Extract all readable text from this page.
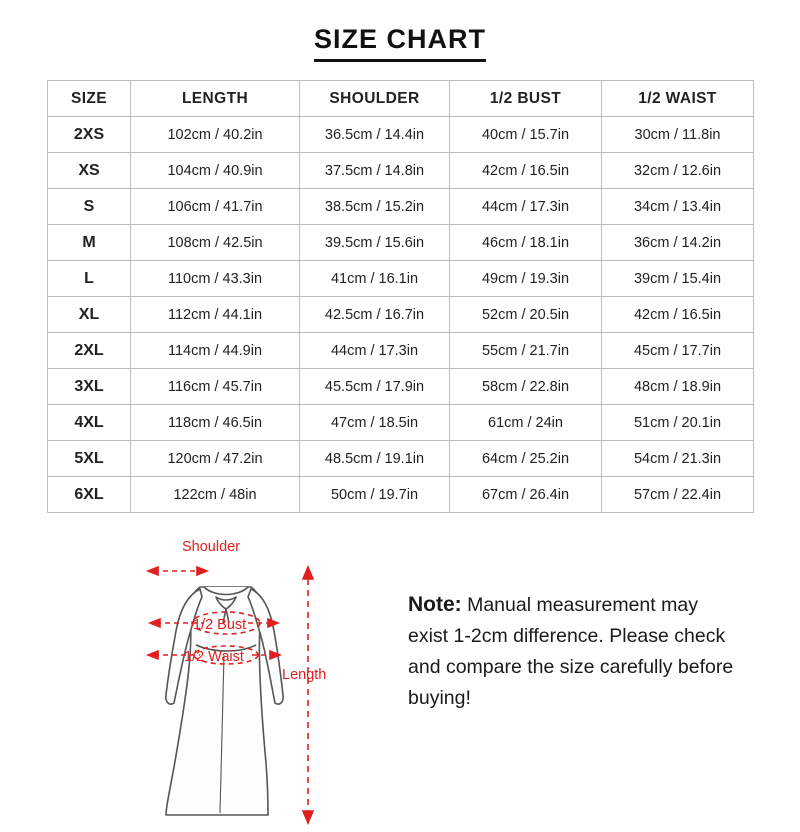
SIZE CHART
SIZE	LENGTH	SHOULDER	1/2 BUST	1/2 WAIST
2XS	102cm / 40.2in	36.5cm / 14.4in	40cm / 15.7in	30cm / 11.8in
XS	104cm / 40.9in	37.5cm / 14.8in	42cm / 16.5in	32cm / 12.6in
S	106cm / 41.7in	38.5cm / 15.2in	44cm / 17.3in	34cm / 13.4in
M	108cm / 42.5in	39.5cm / 15.6in	46cm / 18.1in	36cm / 14.2in
L	110cm / 43.3in	41cm / 16.1in	49cm / 19.3in	39cm / 15.4in
XL	112cm / 44.1in	42.5cm / 16.7in	52cm / 20.5in	42cm / 16.5in
2XL	114cm / 44.9in	44cm / 17.3in	55cm / 21.7in	45cm / 17.7in
3XL	116cm / 45.7in	45.5cm / 17.9in	58cm / 22.8in	48cm / 18.9in
4XL	118cm / 46.5in	47cm / 18.5in	61cm / 24in	51cm / 20.1in
5XL	120cm / 47.2in	48.5cm / 19.1in	64cm / 25.2in	54cm / 21.3in
6XL	122cm / 48in	50cm / 19.7in	67cm / 26.4in	57cm / 22.4in
Shoulder
1/2 Bust
1/2 Waist
Length
Note: Manual measurement may exist 1-2cm difference. Please check and compare the size carefully before buying!
